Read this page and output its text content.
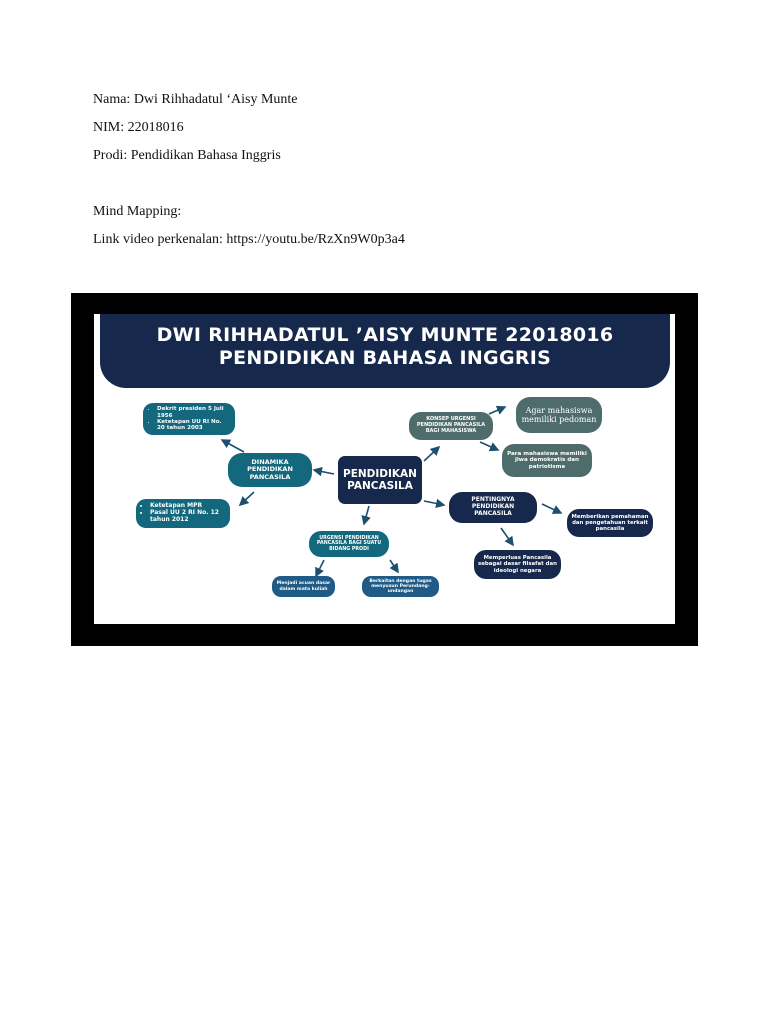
Nama: Dwi Rihhadatul ‘Aisy Munte
NIM: 22018016
Prodi: Pendidikan Bahasa Inggris
Mind Mapping:
Link video perkenalan: https://youtu.be/RzXn9W0p3a4
DWI RIHHADATUL ’AISY MUNTE 22018016
PENDIDIKAN BAHASA INGGRIS
PENDIDIKAN PANCASILA
DINAMIKA PENDIDIKAN PANCASILA
• Dekrit presiden 5 Juli 1956
• Ketetapan UU RI No. 20 tahun 2003
• Ketetapan MPR
• Pasal UU 2 RI No. 12 tahun 2012
KONSEP URGENSI PENDIDIKAN PANCASILA BAGI MAHASISWA
Agar mahasiswa memiliki pedoman
Para mahasiswa memiliki jiwa demokratis dan patriotisme
PENTINGNYA PENDIDIKAN PANCASILA	Memberikan pemahaman dan pengetahuan terkait pancasila
Memperluas Pancasila sebagai dasar filsafat dan ideologi negara
URGENSI PENDIDIKAN PANCASILA BAGI SUATU BIDANG PRODI
Menjadi acuan dasar dalam mata kuliah
Berkaitan dengan tugas menyusun Perundang-undangan
